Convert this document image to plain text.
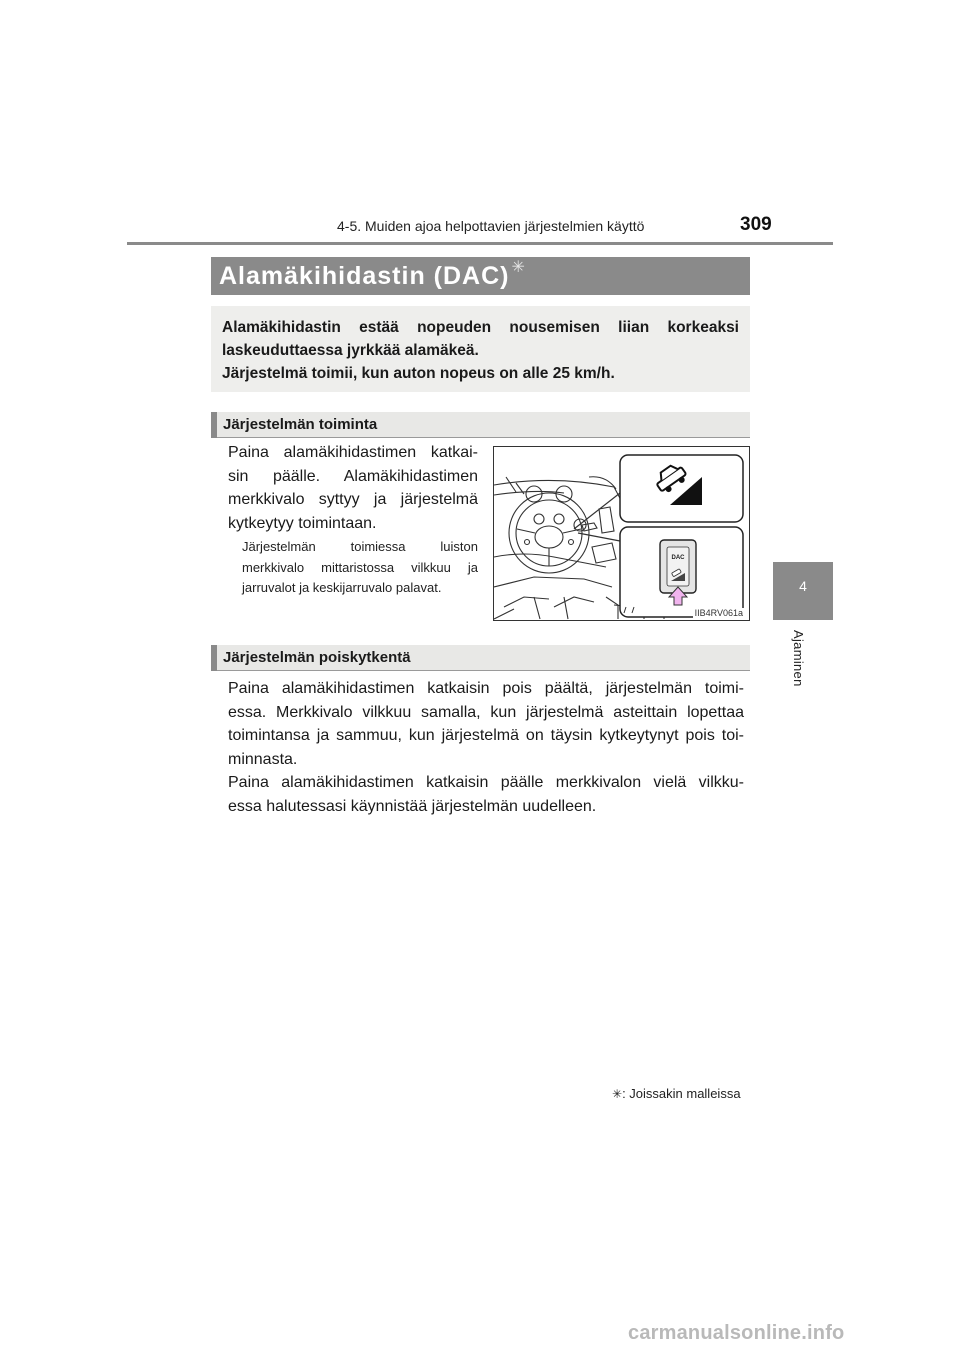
4-5. Muiden ajoa helpottavien järjestelmien käyttö	309
4
Ajaminen
Alamäkihidastin (DAC) ✳
Alamäkihidastin estää nopeuden nousemisen liian korkeaksi
laskeuduttaessa jyrkkää alamäkeä.
Järjestelmä toimii, kun auton nopeus on alle 25 km/h.
Järjestelmän toiminta
Paina alamäkihidastimen katkai-
sin päälle. Alamäkihidastimen
merkkivalo syttyy ja järjestelmä
kytkeytyy toimintaan.
Järjestelmän toimiessa luiston
merkkivalo mittaristossa vilkkuu ja
jarruvalot ja keskijarruvalo palavat.
DAC
IIB4RV061a
Järjestelmän poiskytkentä
Paina alamäkihidastimen katkaisin pois päältä, järjestelmän toimi-
essa. Merkkivalo vilkkuu samalla, kun järjestelmä asteittain lopettaa
toimintansa ja sammuu, kun järjestelmä on täysin kytkeytynyt pois toi-
minnasta.
Paina alamäkihidastimen katkaisin päälle merkkivalon vielä vilkku-
essa halutessasi käynnistää järjestelmän uudelleen.
✳: Joissakin malleissa
carmanualsonline.info
